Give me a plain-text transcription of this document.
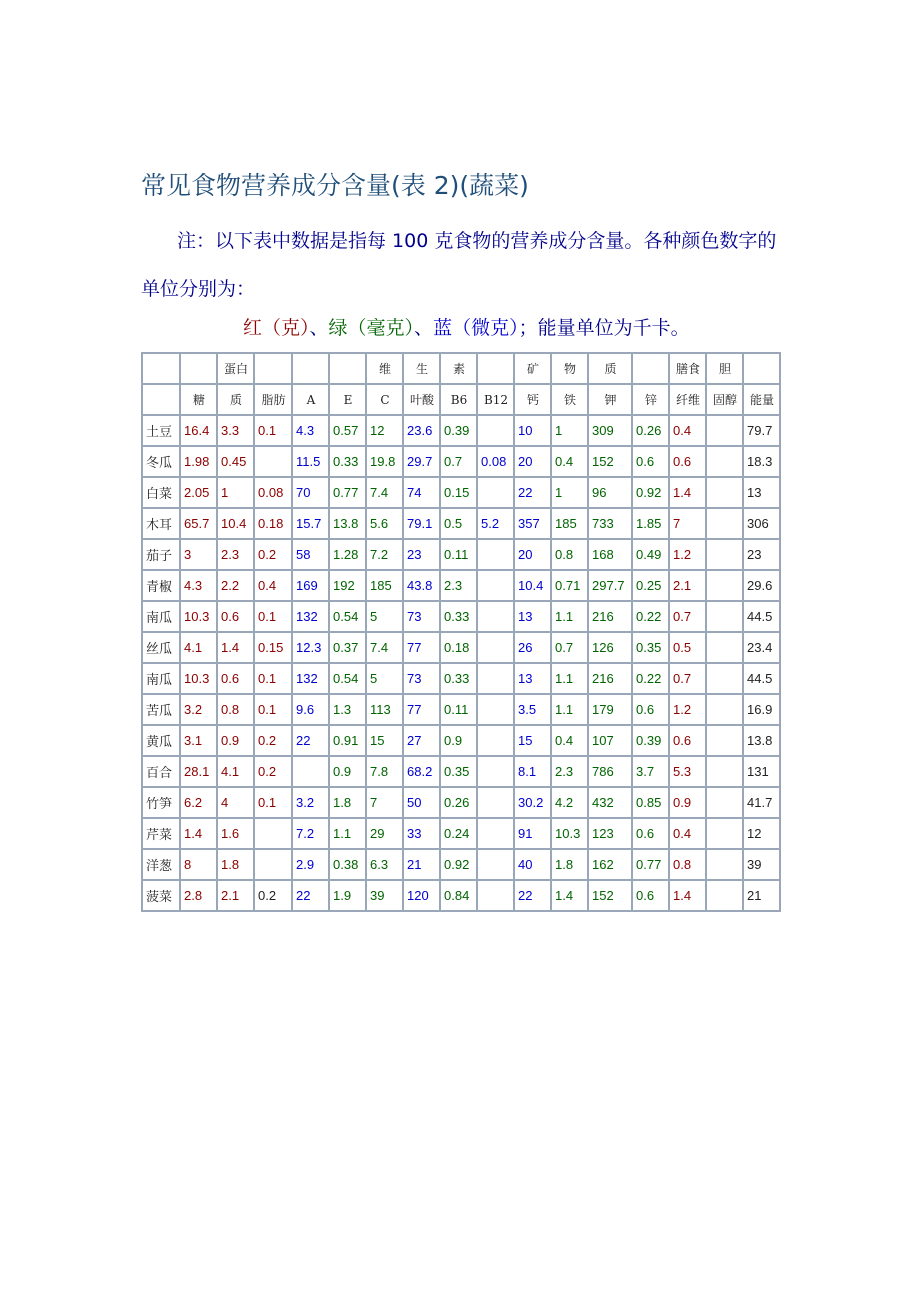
常见食物营养成分含量(表 2)(蔬菜)
注：以下表中数据是指每 100 克食物的营养成分含量。各种颜色数字的单位分别为：
红（克）、绿（毫克）、蓝（微克）；能量单位为千卡。
		蛋白				维	生	素		矿	物	质		膳食	胆	
	糖	质	脂肪	A	E	C	叶酸	B6	B12	钙	铁	钾	锌	纤维	固醇	能量
土豆	16.4	3.3	0.1	4.3	0.57	12	23.6	0.39		10	1	309	0.26	0.4		79.7
冬瓜	1.98	0.45		11.5	0.33	19.8	29.7	0.7	0.08	20	0.4	152	0.6	0.6		18.3
白菜	2.05	1	0.08	70	0.77	7.4	74	0.15		22	1	96	0.92	1.4		13
木耳	65.7	10.4	0.18	15.7	13.8	5.6	79.1	0.5	5.2	357	185	733	1.85	7		306
茄子	3	2.3	0.2	58	1.28	7.2	23	0.11		20	0.8	168	0.49	1.2		23
青椒	4.3	2.2	0.4	169	192	185	43.8	2.3		10.4	0.71	297.7	0.25	2.1		29.6
南瓜	10.3	0.6	0.1	132	0.54	5	73	0.33		13	1.1	216	0.22	0.7		44.5
丝瓜	4.1	1.4	0.15	12.3	0.37	7.4	77	0.18		26	0.7	126	0.35	0.5		23.4
南瓜	10.3	0.6	0.1	132	0.54	5	73	0.33		13	1.1	216	0.22	0.7		44.5
苦瓜	3.2	0.8	0.1	9.6	1.3	113	77	0.11		3.5	1.1	179	0.6	1.2		16.9
黄瓜	3.1	0.9	0.2	22	0.91	15	27	0.9		15	0.4	107	0.39	0.6		13.8
百合	28.1	4.1	0.2		0.9	7.8	68.2	0.35		8.1	2.3	786	3.7	5.3		131
竹笋	6.2	4	0.1	3.2	1.8	7	50	0.26		30.2	4.2	432	0.85	0.9		41.7
芹菜	1.4	1.6		7.2	1.1	29	33	0.24		91	10.3	123	0.6	0.4		12
洋葱	8	1.8		2.9	0.38	6.3	21	0.92		40	1.8	162	0.77	0.8		39
菠菜	2.8	2.1	0.2	22	1.9	39	120	0.84		22	1.4	152	0.6	1.4		21
